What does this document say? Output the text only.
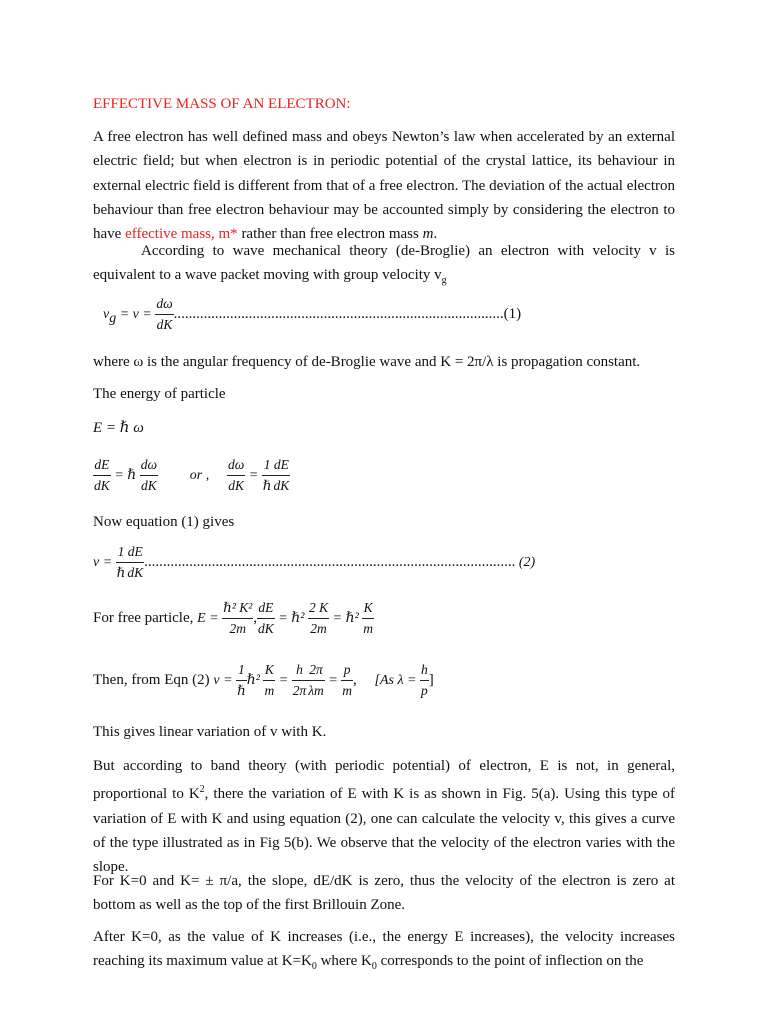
EFFECTIVE MASS OF AN ELECTRON:
A free electron has well defined mass and obeys Newton’s law when accelerated by an external electric field; but when electron is in periodic potential of the crystal lattice, its behaviour in external electric field is different from that of a free electron. The deviation of the actual electron behaviour than free electron behaviour may be accounted simply by considering the electron to have effective mass, m* rather than free electron mass m.
According to wave mechanical theory (de-Broglie) an electron with velocity v is equivalent to a wave packet moving with group velocity $v_g$
$v_g = v = \frac{d\omega}{dK} ........................................................................................(1)$
where ω is the angular frequency of de-Broglie wave and K = 2π/λ is propagation constant.
The energy of particle
E = ℏ ω
$\frac{dE}{dK}$ = ℏ $\frac{d\omega}{dK}$ or , $\frac{d\omega}{dK} = \frac{1}{\text{ℏ}} \frac{dE}{dK}$
Now equation (1) gives
$v = \frac{1}{\text{ℏ}} \frac{dE}{dK}$ ................................................................................................... (2)
For free particle, $E = \frac{\text{ℏ² K²}}{2m}$ , $\frac{dE}{dK}$ = ℏ² $\frac{2 K}{2m}$ = ℏ² $\frac{K}{m}$
Then, from Eqn (2) $v = \frac{1}{\text{ℏ}}$ ℏ² $\frac{K}{m} = \frac{h}{2\pi} \frac{2\pi}{\lambda m} = \frac{p}{m}$ , [As $\lambda = \frac{h}{p}$ ]
This gives linear variation of v with K.
But according to band theory (with periodic potential) of electron, E is not, in general, proportional to $K^2$, there the variation of E with K is as shown in Fig. 5(a). Using this type of variation of E with K and using equation (2), one can calculate the velocity v, this gives a curve of the type illustrated as in Fig 5(b). We observe that the velocity of the electron varies with the slope.
For K=0 and K= ± π/a, the slope, dE/dK is zero, thus the velocity of the electron is zero at bottom as well as the top of the first Brillouin Zone.
After K=0, as the value of K increases (i.e., the energy E increases), the velocity increases reaching its maximum value at $K=K_0$ where $K_0$ corresponds to the point of inflection on the
